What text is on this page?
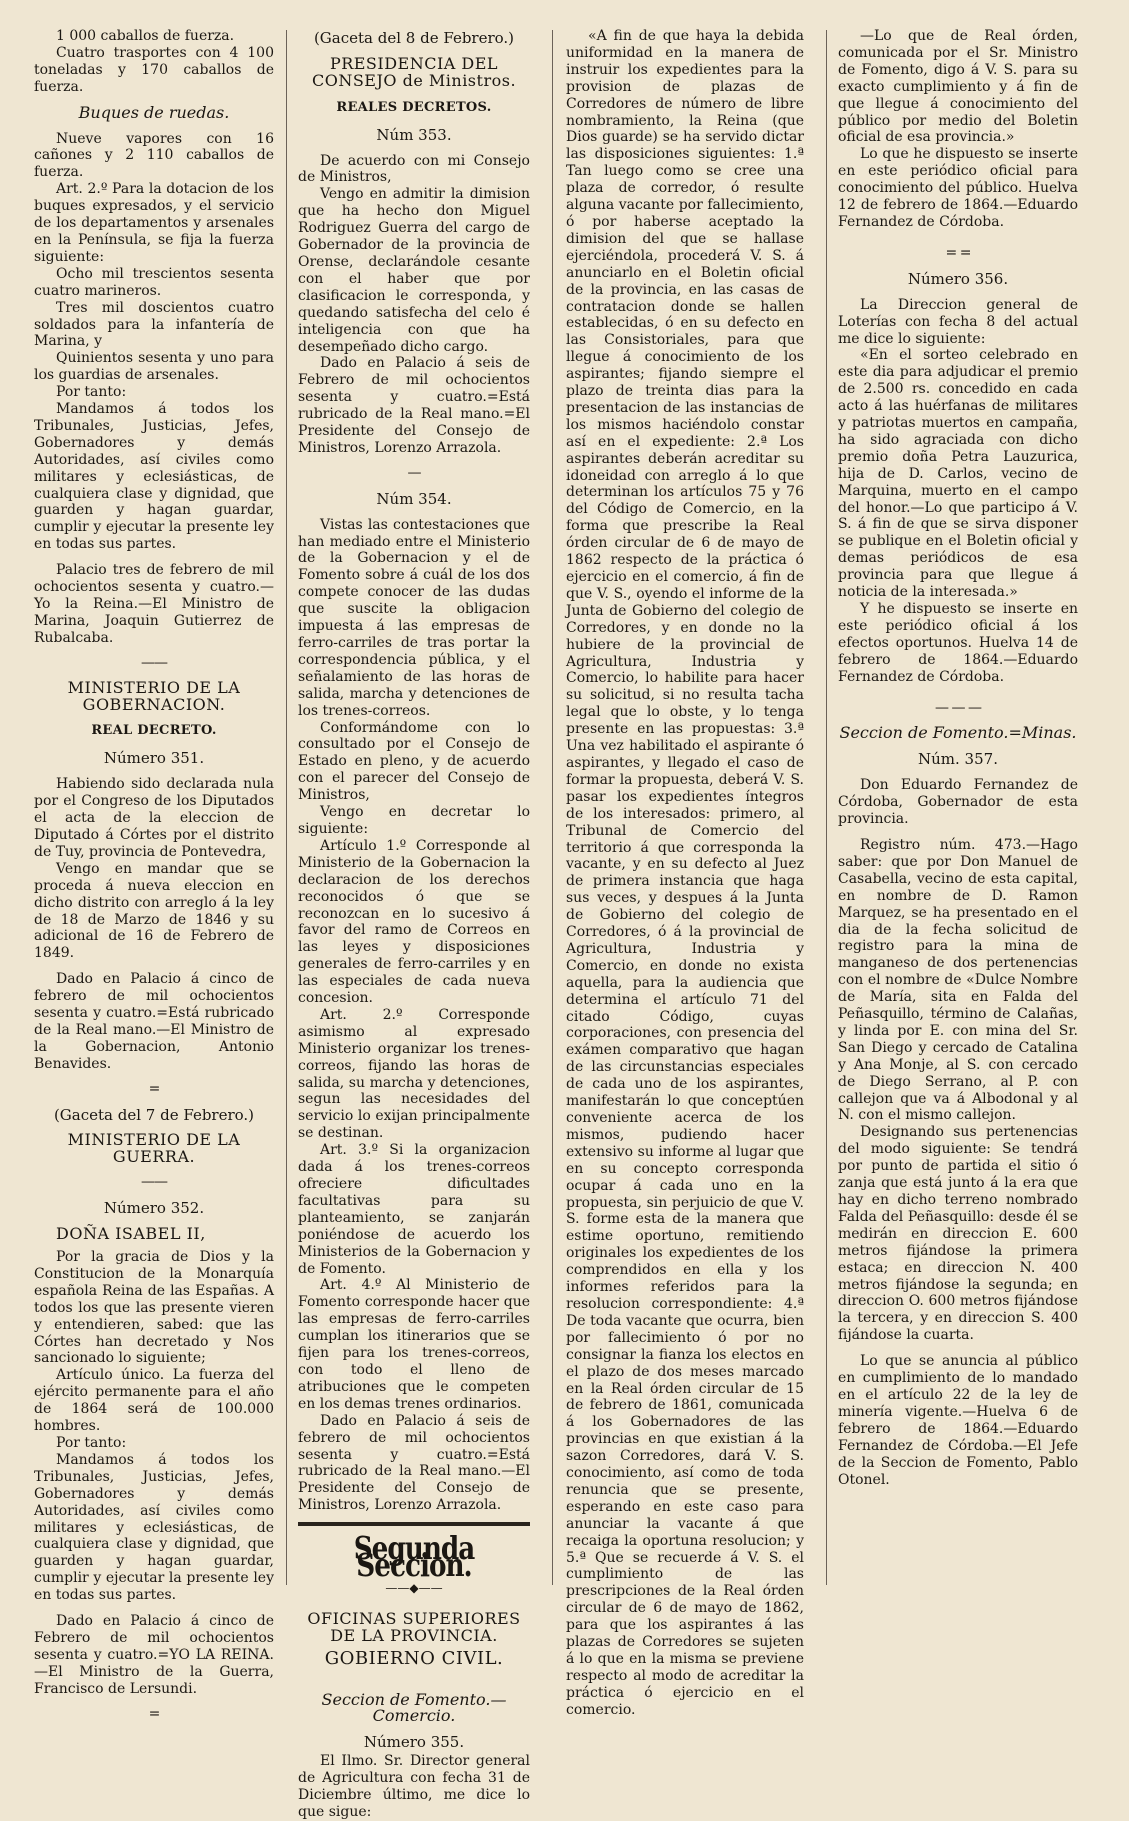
1 000 caballos de fuerza.

Cuatro trasportes con 4 100 toneladas y 170 caballos de fuerza.

Buques de ruedas.

Nueve vapores con 16 cañones y 2 110 caballos de fuerza.

Art. 2.º Para la dotacion de los buques expresados, y el servicio de los departamentos y arsenales en la Península, se fija la fuerza siguiente:

Ocho mil trescientos sesenta cuatro marineros.

Tres mil doscientos cuatro soldados para la infantería de Marina, y

Quinientos sesenta y uno para los guardias de arsenales.

Por tanto:

Mandamos á todos los Tribunales, Justicias, Jefes, Gobernadores y demás Autoridades, así civiles como militares y eclesiásticas, de cualquiera clase y dignidad, que guarden y hagan guardar, cumplir y ejecutar la presente ley en todas sus partes.

Palacio tres de febrero de mil ochocientos sesenta y cuatro.—Yo la Reina.—El Ministro de Marina, Joaquin Gutierrez de Rubalcaba.

——
MINISTERIO DE LA GOBERNACION.
REAL DECRETO.
Número 351.

Habiendo sido declarada nula por el Congreso de los Diputados el acta de la eleccion de Diputado á Córtes por el distrito de Tuy, provincia de Pontevedra,

Vengo en mandar que se proceda á nueva eleccion en dicho distrito con arreglo á la ley de 18 de Marzo de 1846 y su adicional de 16 de Febrero de 1849.

Dado en Palacio á cinco de febrero de mil ochocientos sesenta y cuatro.=Está rubricado de la Real mano.—El Ministro de la Gobernacion, Antonio Benavides.

=
(Gaceta del 7 de Febrero.)
MINISTERIO DE LA GUERRA.
——
Número 352.
DOÑA ISABEL II,

Por la gracia de Dios y la Constitucion de la Monarquía española Reina de las Españas. A todos los que las presente vieren y entendieren, sabed: que las Córtes han decretado y Nos sancionado lo siguiente;

Artículo único. La fuerza del ejército permanente para el año de 1864 será de 100.000 hombres.

Por tanto:

Mandamos á todos los Tribunales, Justicias, Jefes, Gobernadores y demás Autoridades, así civiles como militares y eclesiásticas, de cualquiera clase y dignidad, que guarden y hagan guardar, cumplir y ejecutar la presente ley en todas sus partes.

Dado en Palacio á cinco de Febrero de mil ochocientos sesenta y cuatro.=YO LA REINA.—El Ministro de la Guerra, Francisco de Lersundi.

=
(Gaceta del 8 de Febrero.)
PRESIDENCIA DEL CONSEJO de Ministros.
REALES DECRETOS.
Núm 353.

De acuerdo con mi Consejo de Ministros,

Vengo en admitir la dimision que ha hecho don Miguel Rodriguez Guerra del cargo de Gobernador de la provincia de Orense, declarándole cesante con el haber que por clasificacion le corresponda, y quedando satisfecha del celo é inteligencia con que ha desempeñado dicho cargo.

Dado en Palacio á seis de Febrero de mil ochocientos sesenta y cuatro.=Está rubricado de la Real mano.=El Presidente del Consejo de Ministros, Lorenzo Arrazola.

—
Núm 354.

Vistas las contestaciones que han mediado entre el Ministerio de la Gobernacion y el de Fomento sobre á cuál de los dos compete conocer de las dudas que suscite la obligacion impuesta á las empresas de ferro-carriles de tras portar la correspondencia pública, y el señalamiento de las horas de salida, marcha y detenciones de los trenes-correos.

Conformándome con lo consultado por el Consejo de Estado en pleno, y de acuerdo con el parecer del Consejo de Ministros,

Vengo en decretar lo siguiente:

Artículo 1.º Corresponde al Ministerio de la Gobernacion la declaracion de los derechos reconocidos ó que se reconozcan en lo sucesivo á favor del ramo de Correos en las leyes y disposiciones generales de ferro-carriles y en las especiales de cada nueva concesion.

Art. 2.º Corresponde asimismo al expresado Ministerio organizar los trenes-correos, fijando las horas de salida, su marcha y detenciones, segun las necesidades del servicio lo exijan principalmente se destinan.

Art. 3.º Si la organizacion dada á los trenes-correos ofreciere dificultades facultativas para su planteamiento, se zanjarán poniéndose de acuerdo los Ministerios de la Gobernacion y de Fomento.

Art. 4.º Al Ministerio de Fomento corresponde hacer que las empresas de ferro-carriles cumplan los itinerarios que se fijen para los trenes-correos, con todo el lleno de atribuciones que le competen en los demas trenes ordinarios.

Dado en Palacio á seis de febrero de mil ochocientos sesenta y cuatro.=Está rubricado de la Real mano.—El Presidente del Consejo de Ministros, Lorenzo Arrazola.

Segunda Seccion.
——◆——
OFICINAS SUPERIORES DE LA PROVINCIA.
GOBIERNO CIVIL.
Seccion de Fomento.—Comercio.
Número 355.

El Ilmo. Sr. Director general de Agricultura con fecha 31 de Diciembre último, me dice lo que sigue:

«A fin de que haya la debida uniformidad en la manera de instruir los expedientes para la provision de plazas de Corredores de número de libre nombramiento, la Reina (que Dios guarde) se ha servido dictar las disposiciones siguientes: 1.ª Tan luego como se cree una plaza de corredor, ó resulte alguna vacante por fallecimiento, ó por haberse aceptado la dimision del que se hallase ejerciéndola, procederá V. S. á anunciarlo en el Boletin oficial de la provincia, en las casas de contratacion donde se hallen establecidas, ó en su defecto en las Consistoriales, para que llegue á conocimiento de los aspirantes; fijando siempre el plazo de treinta dias para la presentacion de las instancias de los mismos haciéndolo constar así en el expediente: 2.ª Los aspirantes deberán acreditar su idoneidad con arreglo á lo que determinan los artículos 75 y 76 del Código de Comercio, en la forma que prescribe la Real órden circular de 6 de mayo de 1862 respecto de la práctica ó ejercicio en el comercio, á fin de que V. S., oyendo el informe de la Junta de Gobierno del colegio de Corredores, y en donde no la hubiere de la provincial de Agricultura, Industria y Comercio, lo habilite para hacer su solicitud, si no resulta tacha legal que lo obste, y lo tenga presente en las propuestas: 3.ª Una vez habilitado el aspirante ó aspirantes, y llegado el caso de formar la propuesta, deberá V. S. pasar los expedientes íntegros de los interesados: primero, al Tribunal de Comercio del territorio á que corresponda la vacante, y en su defecto al Juez de primera instancia que haga sus veces, y despues á la Junta de Gobierno del colegio de Corredores, ó á la provincial de Agricultura, Industria y Comercio, en donde no exista aquella, para la audiencia que determina el artículo 71 del citado Código, cuyas corporaciones, con presencia del exámen comparativo que hagan de las circunstancias especiales de cada uno de los aspirantes, manifestarán lo que conceptúen conveniente acerca de los mismos, pudiendo hacer extensivo su informe al lugar que en su concepto corresponda ocupar á cada uno en la propuesta, sin perjuicio de que V. S. forme esta de la manera que estime oportuno, remitiendo originales los expedientes de los comprendidos en ella y los informes referidos para la resolucion correspondiente: 4.ª De toda vacante que ocurra, bien por fallecimiento ó por no consignar la fianza los electos en el plazo de dos meses marcado en la Real órden circular de 15 de febrero de 1861, comunicada á los Gobernadores de las provincias en que existian á la sazon Corredores, dará V. S. conocimiento, así como de toda renuncia que se presente, esperando en este caso para anunciar la vacante á que recaiga la oportuna resolucion; y 5.ª Que se recuerde á V. S. el cumplimiento de las prescripciones de la Real órden circular de 6 de mayo de 1862, para que los aspirantes á las plazas de Corredores se sujeten á lo que en la misma se previene respecto al modo de acreditar la práctica ó ejercicio en el comercio.

—Lo que de Real órden, comunicada por el Sr. Ministro de Fomento, digo á V. S. para su exacto cumplimiento y á fin de que llegue á conocimiento del público por medio del Boletin oficial de esa provincia.»

Lo que he dispuesto se inserte en este periódico oficial para conocimiento del público. Huelva 12 de febrero de 1864.—Eduardo Fernandez de Córdoba.

= =
Número 356.

La Direccion general de Loterías con fecha 8 del actual me dice lo siguiente:

«En el sorteo celebrado en este dia para adjudicar el premio de 2.500 rs. concedido en cada acto á las huérfanas de militares y patriotas muertos en campaña, ha sido agraciada con dicho premio doña Petra Lauzurica, hija de D. Carlos, vecino de Marquina, muerto en el campo del honor.—Lo que participo á V. S. á fin de que se sirva disponer se publique en el Boletin oficial y demas periódicos de esa provincia para que llegue á noticia de la interesada.»

Y he dispuesto se inserte en este periódico oficial á los efectos oportunos. Huelva 14 de febrero de 1864.—Eduardo Fernandez de Córdoba.

— — —
Seccion de Fomento.=Minas.
Núm. 357.

Don Eduardo Fernandez de Córdoba, Gobernador de esta provincia.

Registro núm. 473.—Hago saber: que por Don Manuel de Casabella, vecino de esta capital, en nombre de D. Ramon Marquez, se ha presentado en el dia de la fecha solicitud de registro para la mina de manganeso de dos pertenencias con el nombre de «Dulce Nombre de María, sita en Falda del Peñasquillo, término de Calañas, y linda por E. con mina del Sr. San Diego y cercado de Catalina y Ana Monje, al S. con cercado de Diego Serrano, al P. con callejon que va á Albodonal y al N. con el mismo callejon.

Designando sus pertenencias del modo siguiente: Se tendrá por punto de partida el sitio ó zanja que está junto á la era que hay en dicho terreno nombrado Falda del Peñasquillo: desde él se medirán en direccion E. 600 metros fijándose la primera estaca; en direccion N. 400 metros fijándose la segunda; en direccion O. 600 metros fijándose la tercera, y en direccion S. 400 fijándose la cuarta.

Lo que se anuncia al público en cumplimiento de lo mandado en el artículo 22 de la ley de minería vigente.—Huelva 6 de febrero de 1864.—Eduardo Fernandez de Córdoba.—El Jefe de la Seccion de Fomento, Pablo Otonel.
